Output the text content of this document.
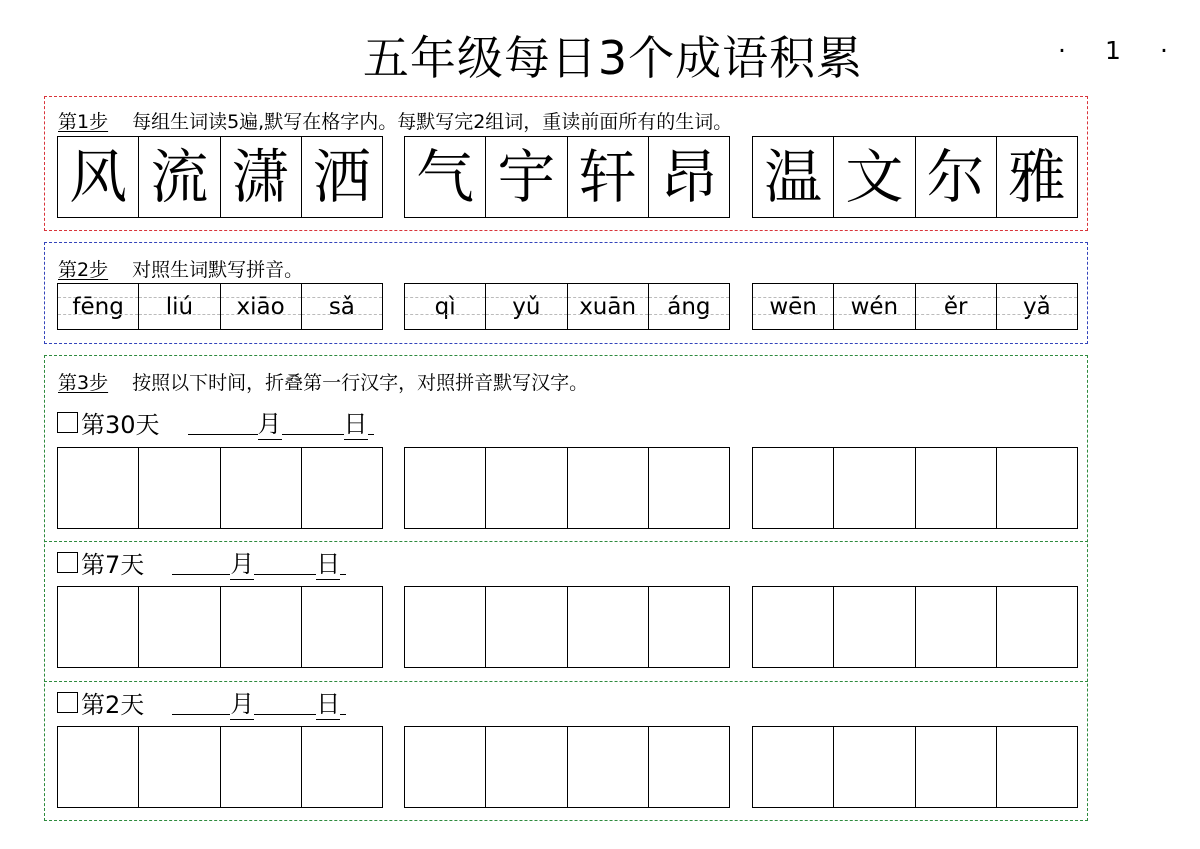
五年级每日3个成语积累	· 1 ·
第1步 每组生词读5遍,默写在格字内。每默写完2组词，重读前面所有的生词。
第2步 对照生词默写拼音。
第3步 按照以下时间，折叠第一行汉字，对照拼音默写汉字。
风 流 潇 洒 气 宇 轩 昂 温 文 尔 雅
fēng liú xiāo sǎ	qì yǔ xuān áng	wēn wén ěr yǎ
第30天	月	日
第7天	月	日
第2天	月	日
